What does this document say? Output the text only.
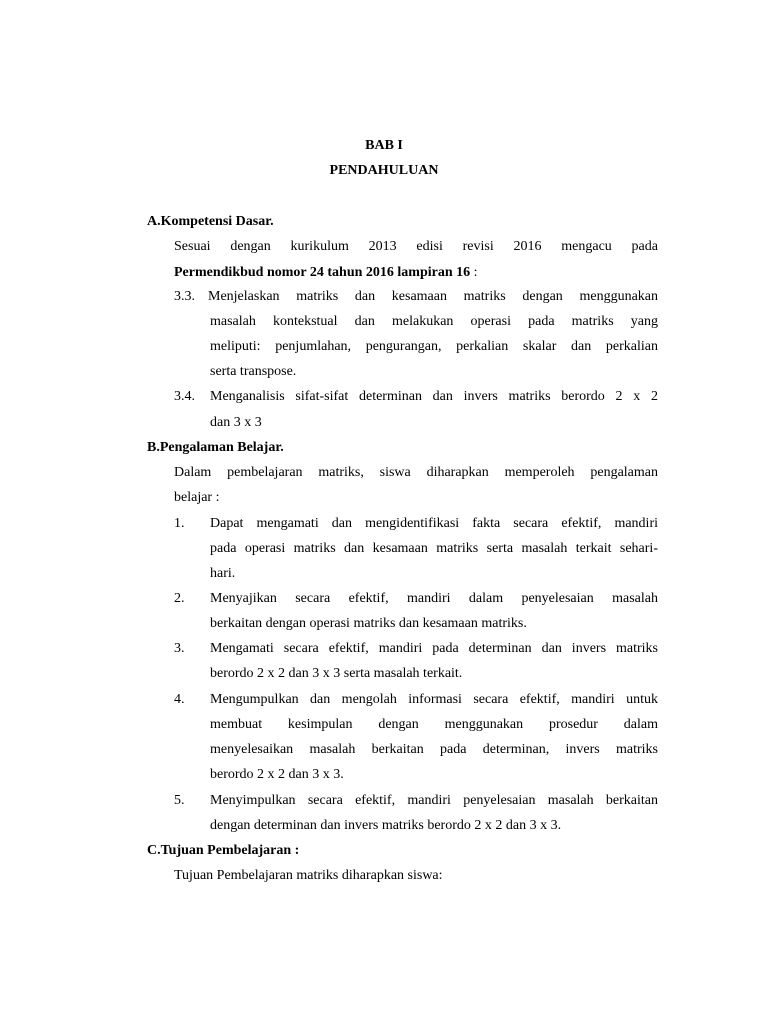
BAB I
PENDAHULUAN
A.Kompetensi Dasar.
Sesuai dengan kurikulum 2013 edisi revisi 2016 mengacu pada
Permendikbud nomor 24 tahun 2016 lampiran 16 :
3.3. Menjelaskan matriks dan kesamaan matriks dengan menggunakan
masalah kontekstual dan melakukan operasi pada matriks yang
meliputi: penjumlahan, pengurangan, perkalian skalar dan perkalian
serta transpose.
3.4. Menganalisis sifat-sifat determinan dan invers matriks berordo 2 x 2
dan 3 x 3
B.Pengalaman Belajar.
Dalam pembelajaran matriks, siswa diharapkan memperoleh pengalaman
belajar :
1. Dapat mengamati dan mengidentifikasi fakta secara efektif, mandiri
pada operasi matriks dan kesamaan matriks serta masalah terkait sehari-
hari.
2. Menyajikan secara efektif, mandiri dalam penyelesaian masalah
berkaitan dengan operasi matriks dan kesamaan matriks.
3. Mengamati secara efektif, mandiri pada determinan dan invers matriks
berordo 2 x 2 dan 3 x 3 serta masalah terkait.
4. Mengumpulkan dan mengolah informasi secara efektif, mandiri untuk
membuat kesimpulan dengan menggunakan prosedur dalam
menyelesaikan masalah berkaitan pada determinan, invers matriks
berordo 2 x 2 dan 3 x 3.
5. Menyimpulkan secara efektif, mandiri penyelesaian masalah berkaitan
dengan determinan dan invers matriks berordo 2 x 2 dan 3 x 3.
C.Tujuan Pembelajaran :
Tujuan Pembelajaran matriks diharapkan siswa:
